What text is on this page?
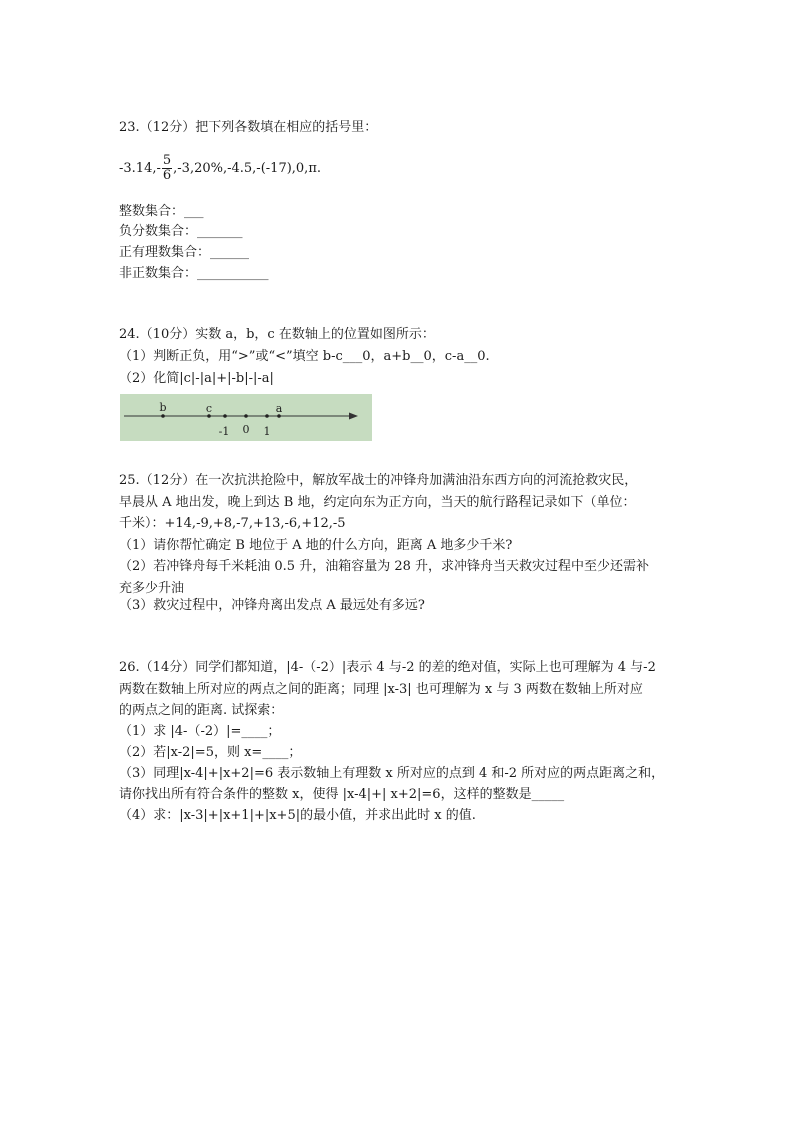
23.（12分）把下列各数填在相应的括号里：
$-3.14,- \frac{5}{6} ,-3,20\%,-4.5,-(-17),0,\pi$.
整数集合：___
负分数集合：_______
正有理数集合：______
非正数集合：___________
24.（10分）实数 a，b，c 在数轴上的位置如图所示：
（1）判断正负，用“>”或“<”填空 b-c___0，a+b__0，c-a__0.
（2）化简|c|-|a|+|-b|-|-a|
b	c	a
-1 0 1
25.（12分）在一次抗洪抢险中，解放军战士的冲锋舟加满油沿东西方向的河流抢救灾民，
早晨从 A 地出发，晚上到达 B 地，约定向东为正方向，当天的航行路程记录如下（单位：
千米）：+14,-9,+8,-7,+13,-6,+12,-5
（1）请你帮忙确定 B 地位于 A 地的什么方向，距离 A 地多少千米?
（2）若冲锋舟每千米耗油 0.5 升，油箱容量为 28 升，求冲锋舟当天救灾过程中至少还需补
充多少升油
（3）救灾过程中，冲锋舟离出发点 A 最远处有多远?
26.（14分）同学们都知道，|4-（-2）|表示 4 与-2 的差的绝对值，实际上也可理解为 4 与-2
两数在数轴上所对应的两点之间的距离；同理 |x-3| 也可理解为 x 与 3 两数在数轴上所对应
的两点之间的距离. 试探索：
（1）求 |4-（-2）|=____；
（2）若|x-2|=5，则 x=____；
（3）同理|x-4|+|x+2|=6 表示数轴上有理数 x 所对应的点到 4 和-2 所对应的两点距离之和，
请你找出所有符合条件的整数 x，使得 |x-4|+| x+2|=6，这样的整数是_____
（4）求：|x-3|+|x+1|+|x+5|的最小值，并求出此时 x 的值.
